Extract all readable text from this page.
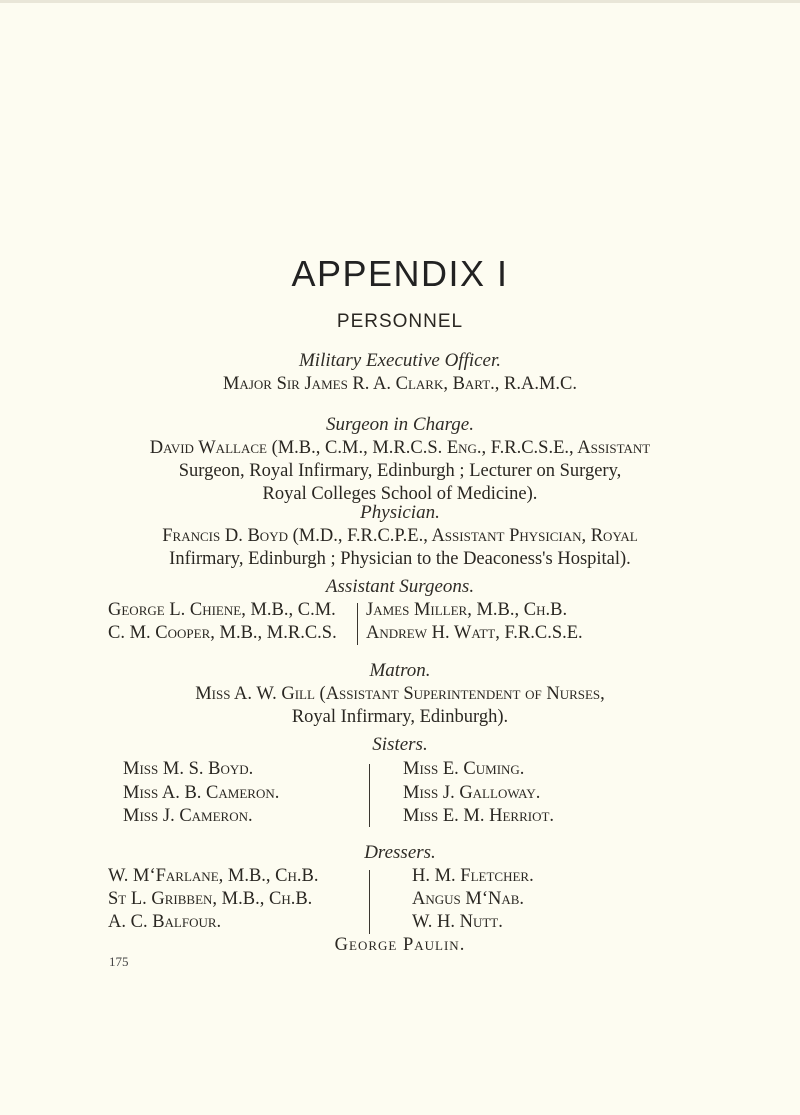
APPENDIX I
PERSONNEL
Military Executive Officer.
Major Sir James R. A. Clark, Bart., R.A.M.C.
Surgeon in Charge.
David Wallace (M.B., C.M., M.R.C.S. Eng., F.R.C.S.E., Assistant
Surgeon, Royal Infirmary, Edinburgh ; Lecturer on Surgery,
Royal Colleges School of Medicine).
Physician.
Francis D. Boyd (M.D., F.R.C.P.E., Assistant Physician, Royal
Infirmary, Edinburgh ; Physician to the Deaconess's Hospital).
Assistant Surgeons.
George L. Chiene, M.B., C.M.
C. M. Cooper, M.B., M.R.C.S.
James Miller, M.B., Ch.B.
Andrew H. Watt, F.R.C.S.E.
Matron.
Miss A. W. Gill (Assistant Superintendent of Nurses,
Royal Infirmary, Edinburgh).
Sisters.
Miss M. S. Boyd.
Miss A. B. Cameron.
Miss J. Cameron.
Miss E. Cuming.
Miss J. Galloway.
Miss E. M. Herriot.
Dressers.
W. M‘Farlane, M.B., Ch.B.
St L. Gribben, M.B., Ch.B.
A. C. Balfour.
H. M. Fletcher.
Angus M‘Nab.
W. H. Nutt.
George Paulin.
175
